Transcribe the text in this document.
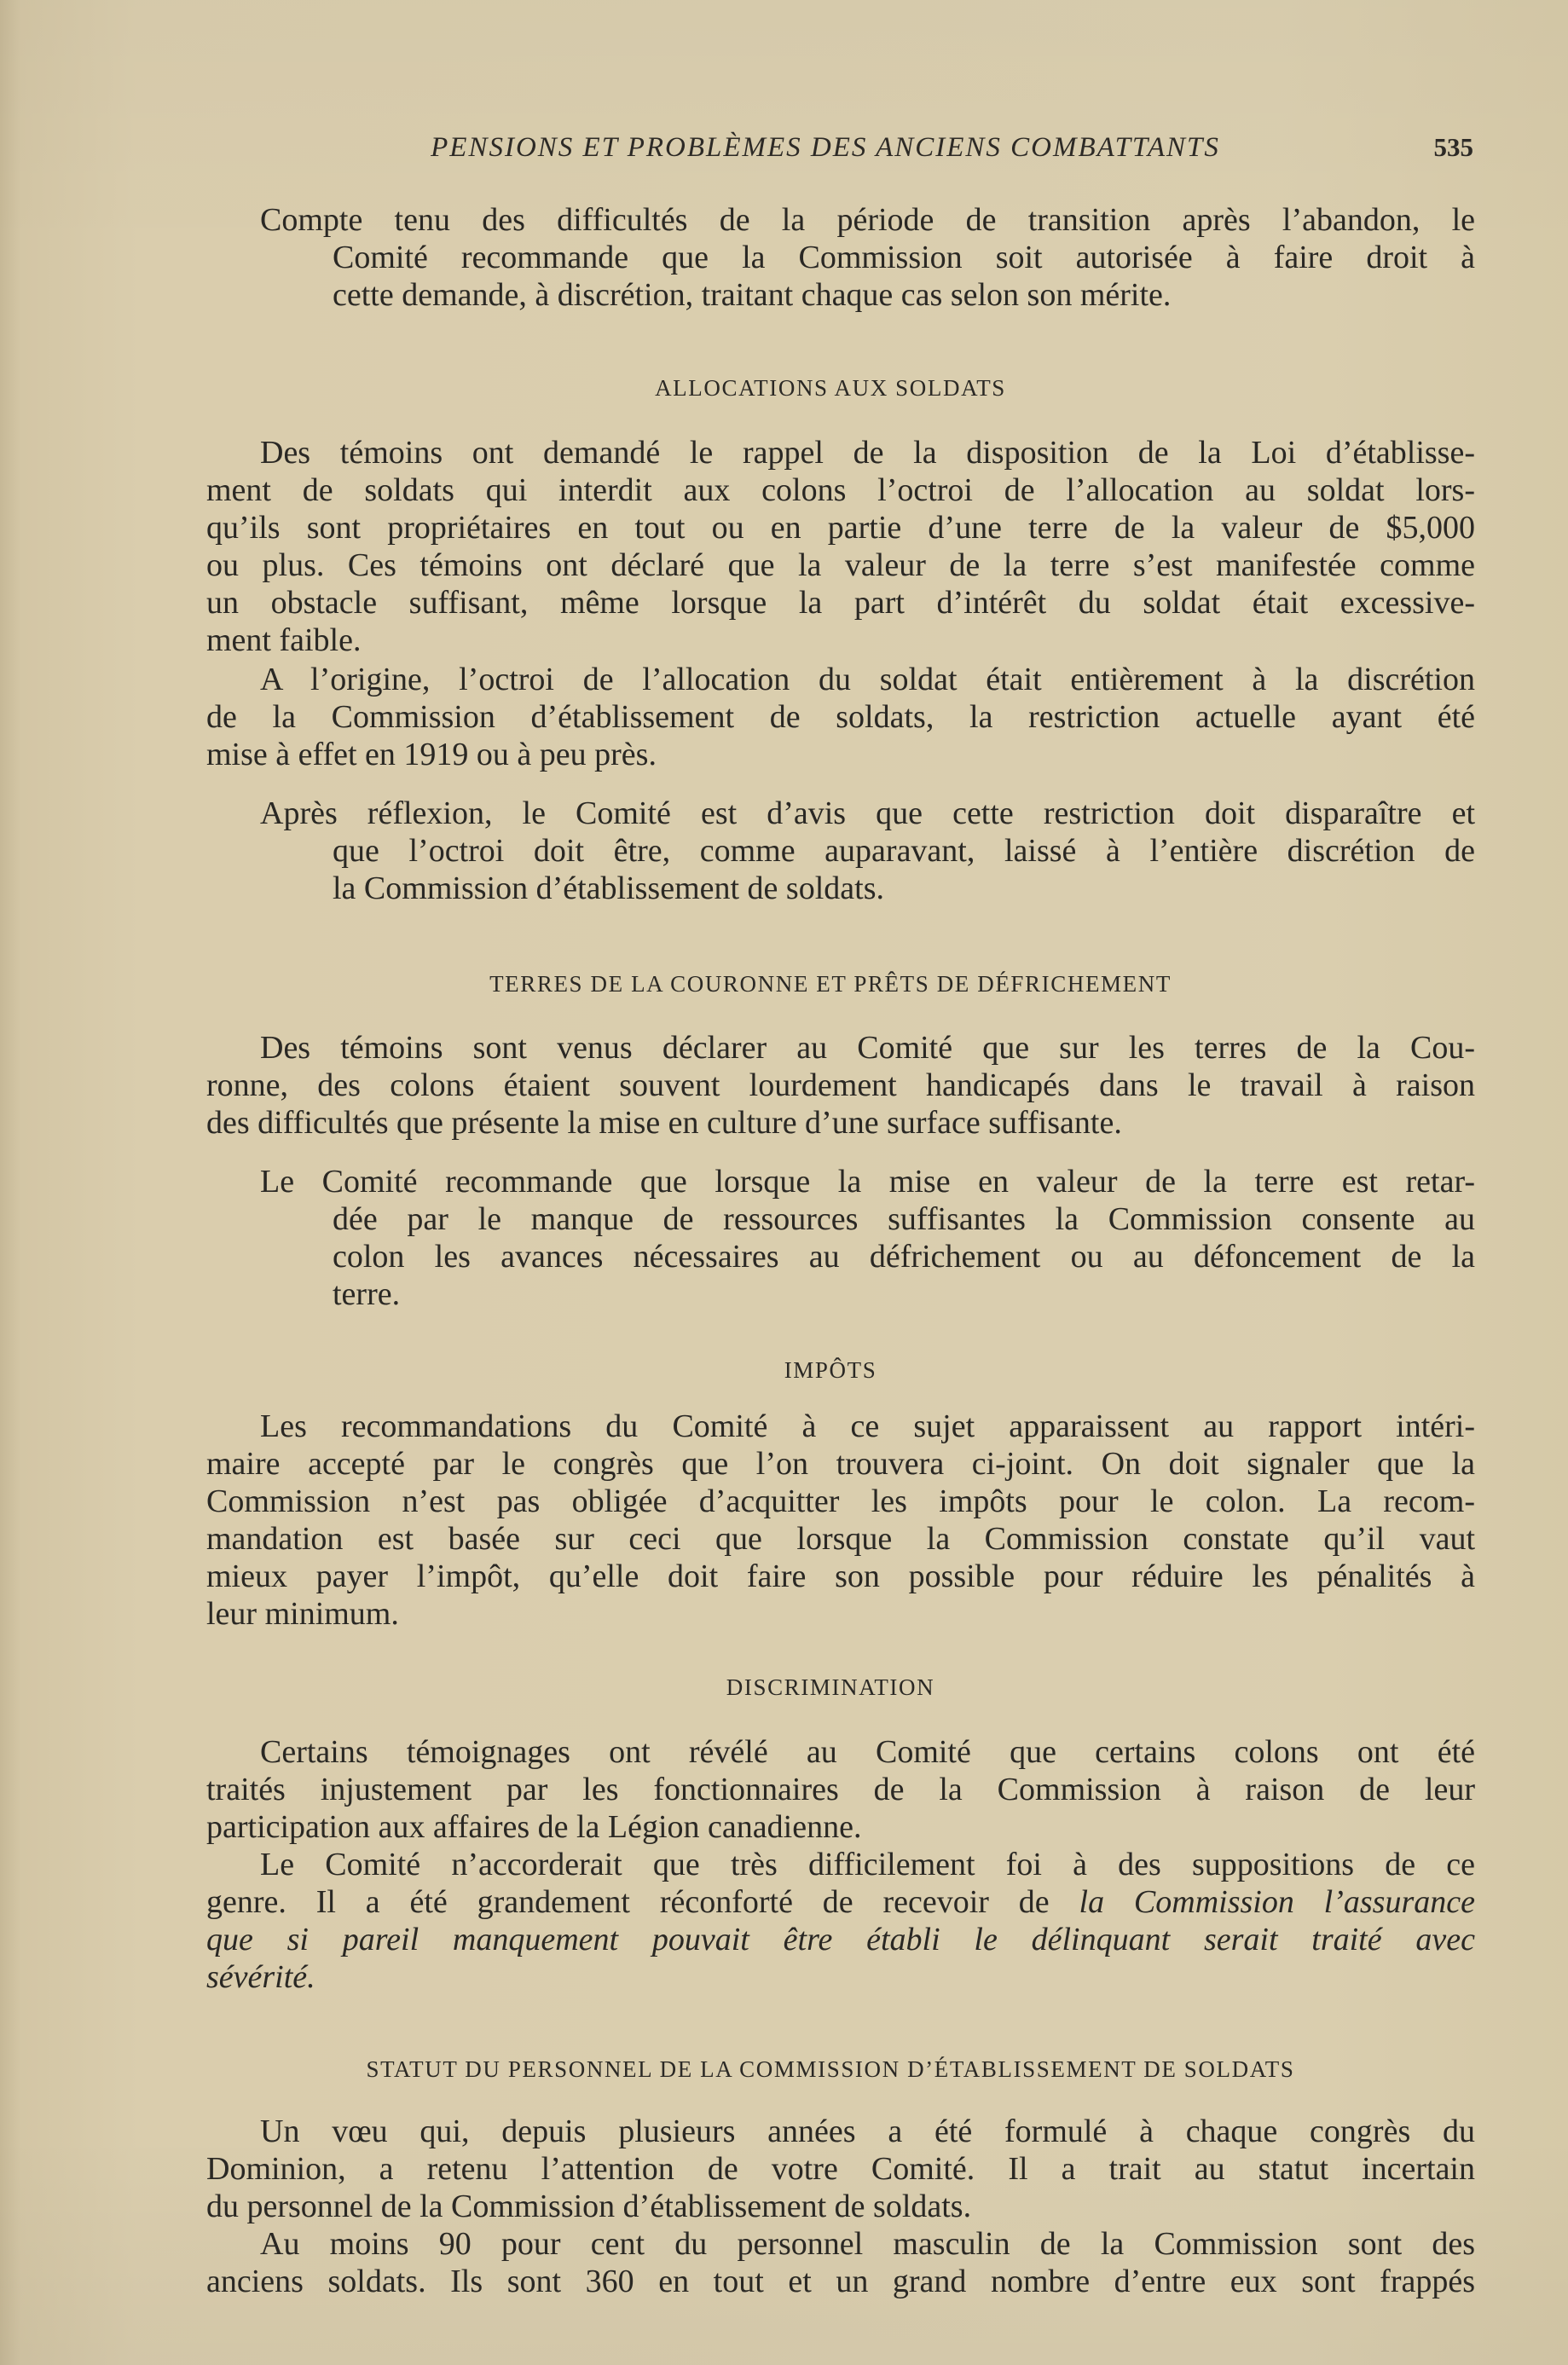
PENSIONS ET PROBLÈMES DES ANCIENS COMBATTANTS	535
Compte tenu des difficultés de la période de transition après l’abandon, le
Comité recommande que la Commission soit autorisée à faire droit à
cette demande, à discrétion, traitant chaque cas selon son mérite.
ALLOCATIONS AUX SOLDATS
Des témoins ont demandé le rappel de la disposition de la Loi d’établisse-
ment de soldats qui interdit aux colons l’octroi de l’allocation au soldat lors-
qu’ils sont propriétaires en tout ou en partie d’une terre de la valeur de $5,000
ou plus. Ces témoins ont déclaré que la valeur de la terre s’est manifestée comme
un obstacle suffisant, même lorsque la part d’intérêt du soldat était excessive-
ment faible.
A l’origine, l’octroi de l’allocation du soldat était entièrement à la discrétion
de la Commission d’établissement de soldats, la restriction actuelle ayant été
mise à effet en 1919 ou à peu près.
Après réflexion, le Comité est d’avis que cette restriction doit disparaître et
que l’octroi doit être, comme auparavant, laissé à l’entière discrétion de
la Commission d’établissement de soldats.
TERRES DE LA COURONNE ET PRÊTS DE DÉFRICHEMENT
Des témoins sont venus déclarer au Comité que sur les terres de la Cou-
ronne, des colons étaient souvent lourdement handicapés dans le travail à raison
des difficultés que présente la mise en culture d’une surface suffisante.
Le Comité recommande que lorsque la mise en valeur de la terre est retar-
dée par le manque de ressources suffisantes la Commission consente au
colon les avances nécessaires au défrichement ou au défoncement de la
terre.
IMPÔTS
Les recommandations du Comité à ce sujet apparaissent au rapport intéri-
maire accepté par le congrès que l’on trouvera ci-joint. On doit signaler que la
Commission n’est pas obligée d’acquitter les impôts pour le colon. La recom-
mandation est basée sur ceci que lorsque la Commission constate qu’il vaut
mieux payer l’impôt, qu’elle doit faire son possible pour réduire les pénalités à
leur minimum.
DISCRIMINATION
Certains témoignages ont révélé au Comité que certains colons ont été
traités injustement par les fonctionnaires de la Commission à raison de leur
participation aux affaires de la Légion canadienne.
Le Comité n’accorderait que très difficilement foi à des suppositions de ce
genre. Il a été grandement réconforté de recevoir de la Commission l’assurance
que si pareil manquement pouvait être établi le délinquant serait traité avec
sévérité.
STATUT DU PERSONNEL DE LA COMMISSION D’ÉTABLISSEMENT DE SOLDATS
Un vœu qui, depuis plusieurs années a été formulé à chaque congrès du
Dominion, a retenu l’attention de votre Comité. Il a trait au statut incertain
du personnel de la Commission d’établissement de soldats.
Au moins 90 pour cent du personnel masculin de la Commission sont des
anciens soldats. Ils sont 360 en tout et un grand nombre d’entre eux sont frappés
